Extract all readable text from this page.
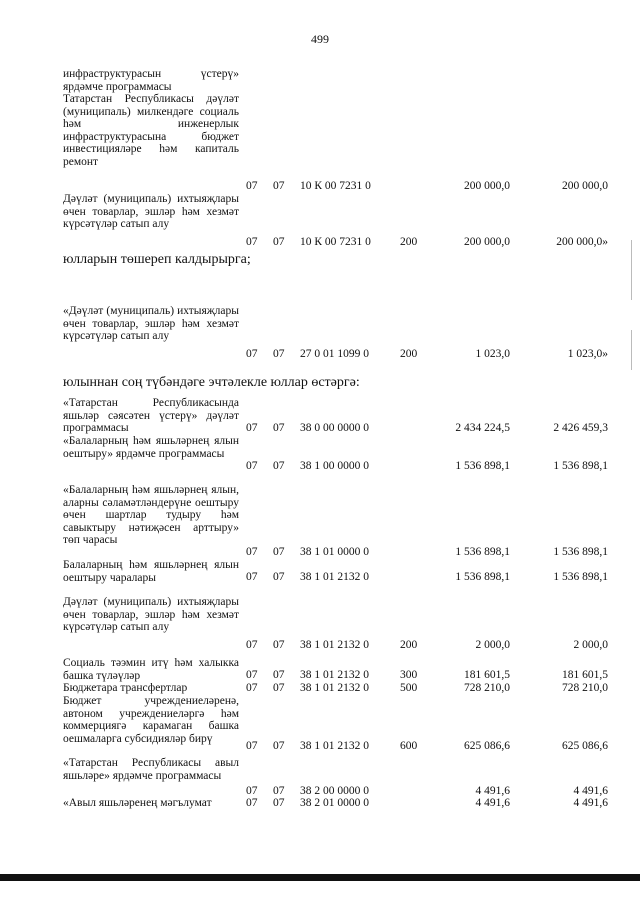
499
инфраструктурасын үстерү» ярдәмче программасы
Татарстан Республикасы дәүләт (муниципаль) милкендәге социаль һәм инженерлык инфраструктурасына бюджет инвестицияләре һәм капиталь ремонт
07 07 10 К 00 7231 0	200 000,0	200 000,0
Дәүләт (муниципаль) ихтыяҗлары өчен товарлар, эшләр һәм хезмәт күрсәтүләр сатып алу
07 07 10 К 00 7231 0	200	200 000,0	200 000,0»
юлларын төшереп калдырырга;
«Дәүләт (муниципаль) ихтыяҗлары өчен товарлар, эшләр һәм хезмәт күрсәтүләр сатып алу
07 07 27 0 01 1099 0	200	1 023,0	1 023,0»
юлыннан соң түбәндәге эчтәлекле юллар өстәргә:
«Татарстан Республикасында яшьләр сәясәтен үстерү» дәүләт программасы	07 07 38 0 00 0000 0	2 434 224,5	2 426 459,3
«Балаларның һәм яшьләрнең ялын оештыру» ярдәмче программасы
07 07 38 1 00 0000 0	1 536 898,1	1 536 898,1
«Балаларның һәм яшьләрнең ялын, аларны сәламәтләндерүне оештыру өчен шартлар тудыру һәм савыктыру нәтиҗәсен арттыру» төп чарасы
07 07 38 1 01 0000 0	1 536 898,1	1 536 898,1
Балаларның һәм яшьләрнең ялын оештыру чаралары	07 07 38 1 01 2132 0	1 536 898,1	1 536 898,1
Дәүләт (муниципаль) ихтыяҗлары өчен товарлар, эшләр һәм хезмәт күрсәтүләр сатып алу
07 07 38 1 01 2132 0	200	2 000,0	2 000,0
Социаль тәэмин итү һәм халыкка башка түләүләр	07 07 38 1 01 2132 0	300	181 601,5	181 601,5
Бюджетара трансфертлар	07 07 38 1 01 2132 0	500	728 210,0	728 210,0
Бюджет учреждениеләренә, автоном учреждениеләргә һәм коммерциягә карамаган башка оешмаларга субсидияләр бирү
07 07 38 1 01 2132 0	600	625 086,6	625 086,6
«Татарстан Республикасы авыл яшьләре» ярдәмче программасы
07 07 38 2 00 0000 0	4 491,6	4 491,6
«Авыл яшьләренең мәгълумат	07 07 38 2 01 0000 0	4 491,6	4 491,6
